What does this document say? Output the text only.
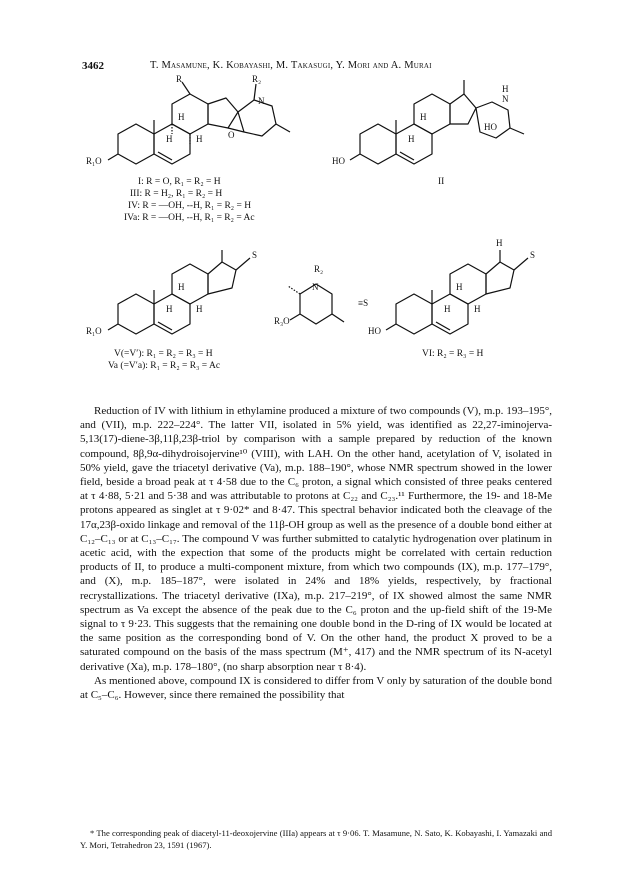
3462	T. Masamune, K. Kobayashi, M. Takasugi, Y. Mori and A. Murai
R	R₂
N
O
H
H	H
R₁O
I: R = O, R₁ = R₂ = H
III: R = H₂, R₁ = R₂ = H
IV: R = —OH, --H, R₁ = R₂ = H
IVa: R = —OH, --H, R₁ = R₂ = Ac
HO
HO
N
H
H
H
II
S
H
H	H
R₁O
V(=V′): R₁ = R₂ = R₃ = H
Va (=V′a): R₁ = R₂ = R₃ = Ac
R₂
N
R₃O
≡S
S
H
H
H	H
HO
VI: R₂ = R₃ = H

Reduction of IV with lithium in ethylamine produced a mixture of two compounds (V), m.p. 193–195°, and (VII), m.p. 222–224°. The latter VII, isolated in 5% yield, was identified as 22,27-iminojerva-5,13(17)-diene-3β,11β,23β-triol by comparison with a sample prepared by reduction of the known compound, 8β,9α-dihydroisojervine¹⁰ (VIII), with LAH. On the other hand, acetylation of V, isolated in 50% yield, gave the triacetyl derivative (Va), m.p. 188–190°, whose NMR spectrum showed in the lower field, beside a broad peak at τ 4·58 due to the C₆ proton, a signal which consisted of three peaks centered at τ 4·88, 5·21 and 5·38 and was attributable to protons at C₂₂ and C₂₃.¹¹ Furthermore, the 19- and 18-Me protons appeared as singlet at τ 9·02* and 8·47. This spectral behavior indicated both the cleavage of the 17α,23β-oxido linkage and removal of the 11β-OH group as well as the presence of a double bond either at C₁₂–C₁₃ or at C₁₃–C₁₇. The compound V was further submitted to catalytic hydrogenation over platinum in acetic acid, with the expection that some of the products might be correlated with certain reduction products of II, to produce a multi-component mixture, from which two compounds (IX), m.p. 177–179°, and (X), m.p. 185–187°, were isolated in 24% and 18% yields, respectively, by fractional recrystallizations. The triacetyl derivative (IXa), m.p. 217–219°, of IX showed almost the same NMR spectrum as Va except the absence of the peak due to the C₆ proton and the up-field shift of the 19-Me signal to τ 9·23. This suggests that the remaining one double bond in the D-ring of IX would be located at the same position as the corresponding bond of V. On the other hand, the product X proved to be a saturated compound on the basis of the mass spectrum (M⁺, 417) and the NMR spectrum of its N-acetyl derivative (Xa), m.p. 178–180°, (no sharp absorption near τ 8·4).

As mentioned above, compound IX is considered to differ from V only by saturation of the double bond at C₅–C₆. However, since there remained the possibility that

* The corresponding peak of diacetyl-11-deoxojervine (IIIa) appears at τ 9·06. T. Masamune, N. Sato, K. Kobayashi, I. Yamazaki and Y. Mori, Tetrahedron 23, 1591 (1967).
